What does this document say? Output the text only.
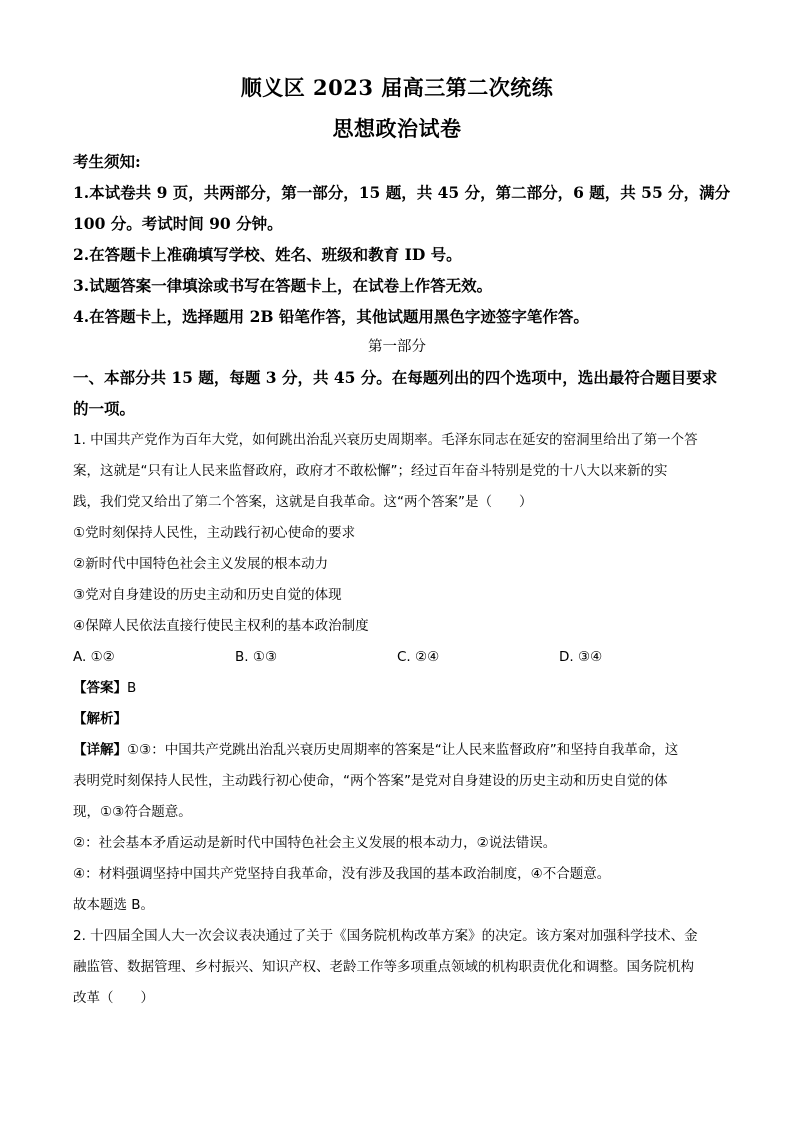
顺义区 2023 届高三第二次统练
思想政治试卷

考生须知:

1.本试卷共 9 页，共两部分，第一部分，15 题，共 45 分，第二部分，6 题，共 55 分，满分

100 分。考试时间 90 分钟。

2.在答题卡上准确填写学校、姓名、班级和教育 ID 号。

3.试题答案一律填涂或书写在答题卡上，在试卷上作答无效。

4.在答题卡上，选择题用 2B 铅笔作答，其他试题用黑色字迹签字笔作答。

第一部分
一、本部分共 15 题，每题 3 分，共 45 分。在每题列出的四个选项中，选出最符合题目要求
的一项。

1. 中国共产党作为百年大党，如何跳出治乱兴衰历史周期率。毛泽东同志在延安的窑洞里给出了第一个答

案，这就是“只有让人民来监督政府，政府才不敢松懈”；经过百年奋斗特别是党的十八大以来新的实

践，我们党又给出了第二个答案，这就是自我革命。这“两个答案”是（　　）

①党时刻保持人民性，主动践行初心使命的要求

②新时代中国特色社会主义发展的根本动力

③党对自身建设的历史主动和历史自觉的体现

④保障人民依法直接行使民主权利的基本政治制度

A. ①②	B. ①③	C. ②④	D. ③④

【答案】B

【解析】

【详解】①③：中国共产党跳出治乱兴衰历史周期率的答案是“让人民来监督政府”和坚持自我革命，这

表明党时刻保持人民性，主动践行初心使命，“两个答案”是党对自身建设的历史主动和历史自觉的体

现，①③符合题意。

②：社会基本矛盾运动是新时代中国特色社会主义发展的根本动力，②说法错误。

④：材料强调坚持中国共产党坚持自我革命，没有涉及我国的基本政治制度，④不合题意。

故本题选 B。

2. 十四届全国人大一次会议表决通过了关于《国务院机构改革方案》的决定。该方案对加强科学技术、金

融监管、数据管理、乡村振兴、知识产权、老龄工作等多项重点领域的机构职责优化和调整。国务院机构

改革（　　）
